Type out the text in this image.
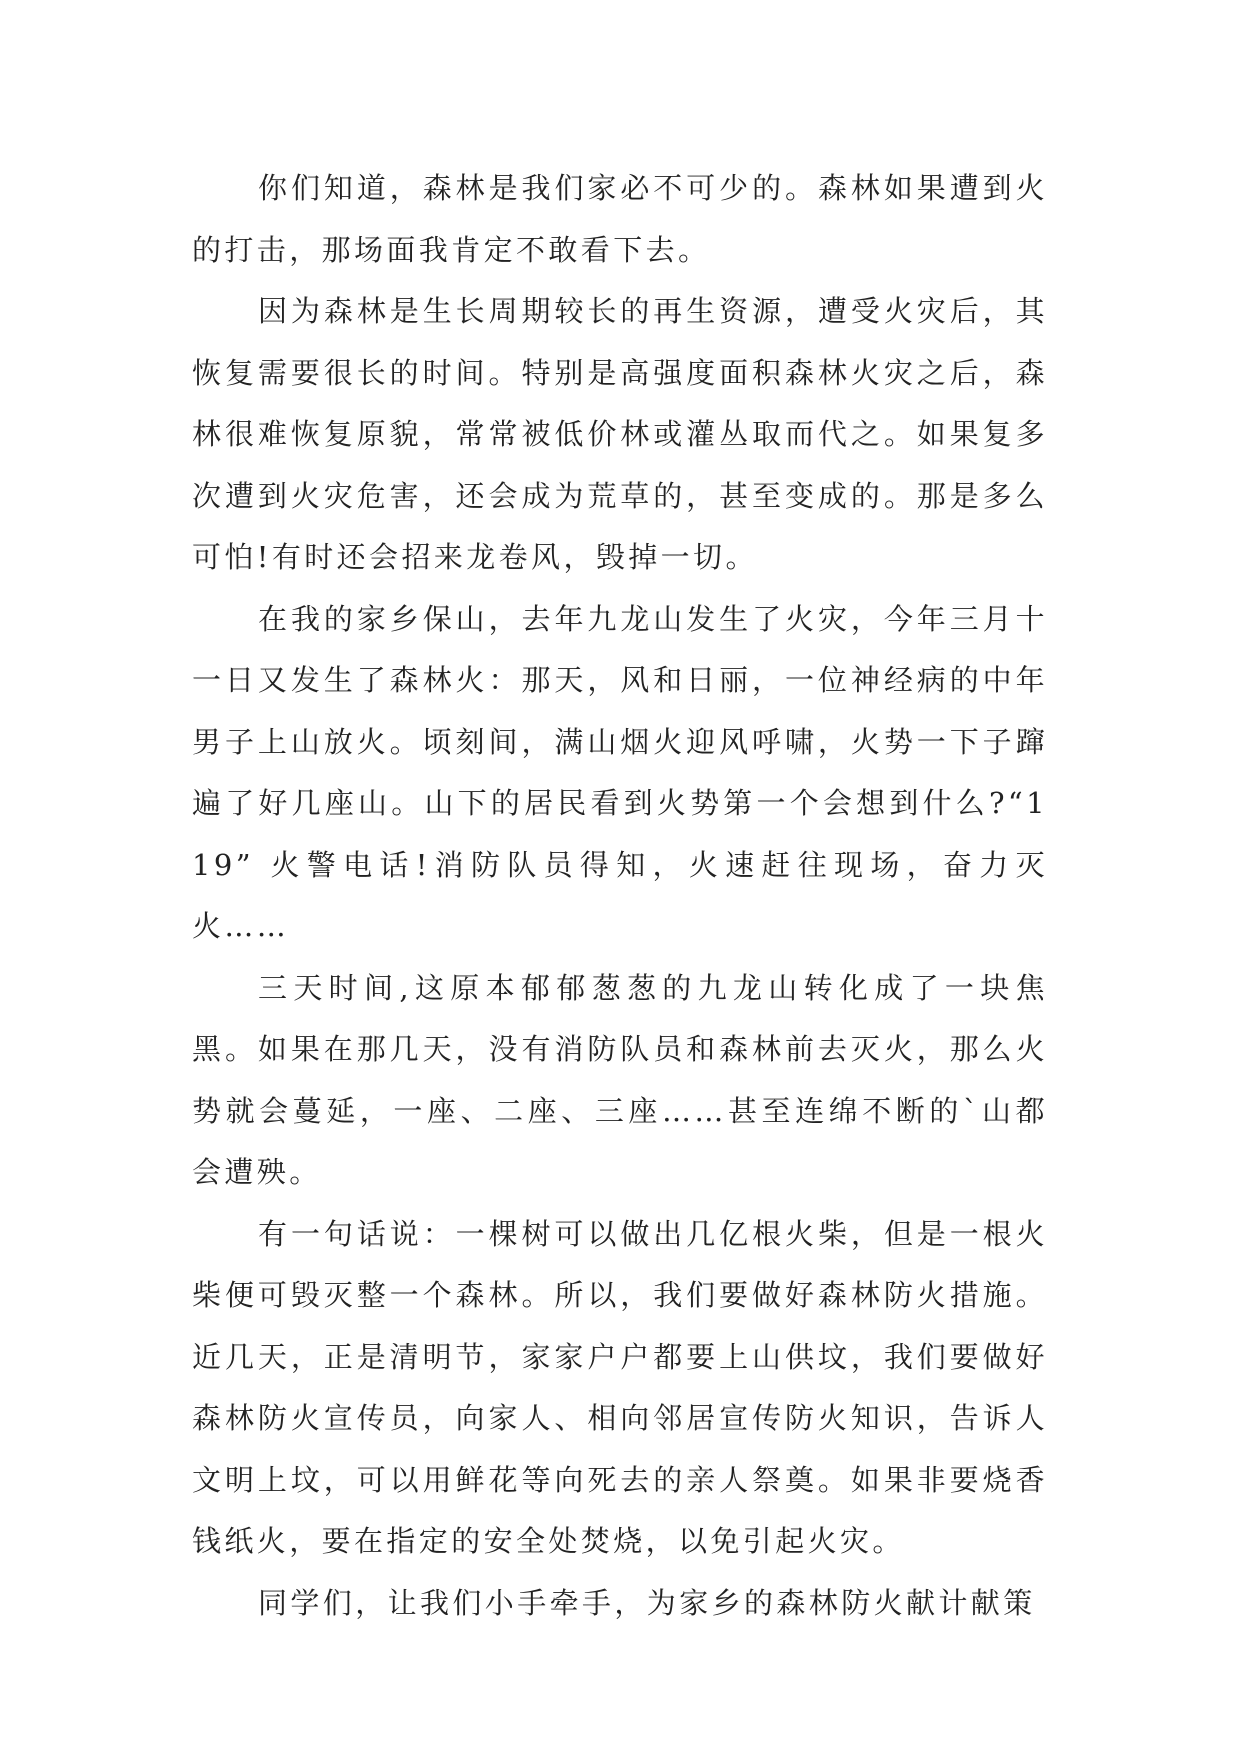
你们知道，森林是我们家必不可少的。森林如果遭到火的打击，那场面我肯定不敢看下去。

因为森林是生长周期较长的再生资源，遭受火灾后，其恢复需要很长的时间。特别是高强度面积森林火灾之后，森林很难恢复原貌，常常被低价林或灌丛取而代之。如果复多次遭到火灾危害，还会成为荒草的，甚至变成的。那是多么可怕!有时还会招来龙卷风，毁掉一切。

在我的家乡保山，去年九龙山发生了火灾，今年三月十一日又发生了森林火：那天，风和日丽，一位神经病的中年男子上山放火。顷刻间，满山烟火迎风呼啸，火势一下子蹿遍了好几座山。山下的居民看到火势第一个会想到什么?“119” 火警电话!消防队员得知，火速赶往现场，奋力灭火……

三天时间,这原本郁郁葱葱的九龙山转化成了一块焦黑。如果在那几天，没有消防队员和森林前去灭火，那么火势就会蔓延，一座、二座、三座……甚至连绵不断的`山都会遭殃。

有一句话说：一棵树可以做出几亿根火柴，但是一根火柴便可毁灭整一个森林。所以，我们要做好森林防火措施。近几天，正是清明节，家家户户都要上山供坟，我们要做好森林防火宣传员，向家人、相向邻居宣传防火知识，告诉人文明上坟，可以用鲜花等向死去的亲人祭奠。如果非要烧香钱纸火，要在指定的安全处焚烧，以免引起火灾。

同学们，让我们小手牵手，为家乡的森林防火献计献策
